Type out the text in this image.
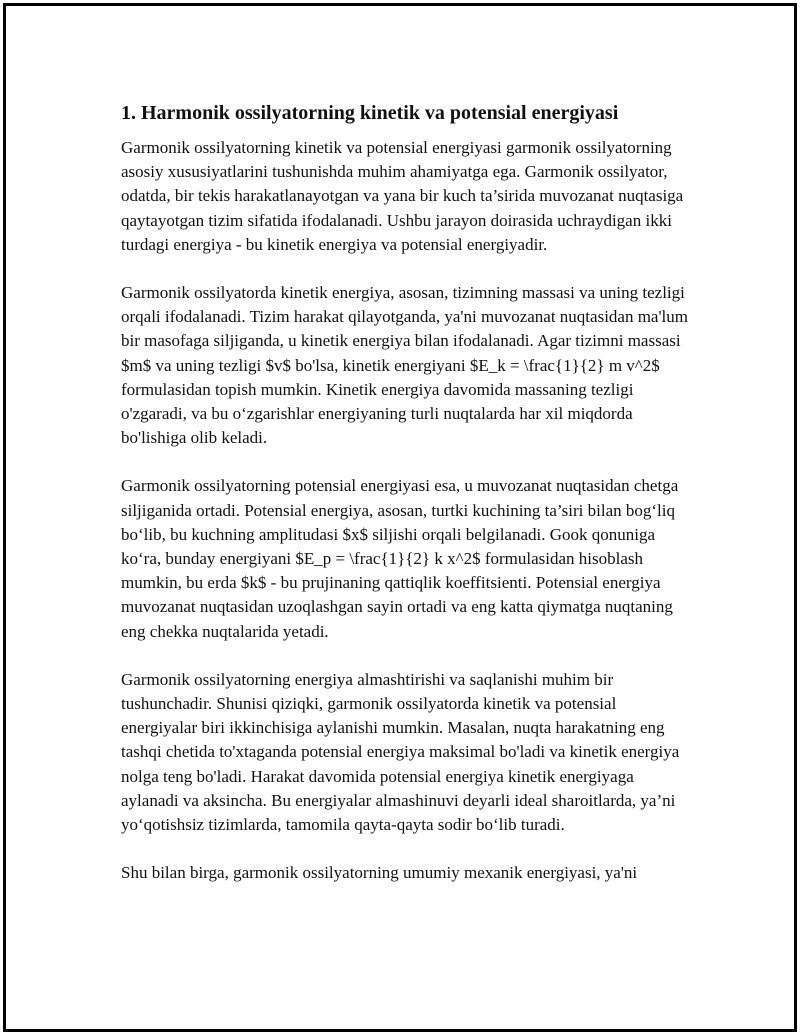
1. Harmonik ossilyatorning kinetik va potensial energiyasi

Garmonik ossilyatorning kinetik va potensial energiyasi garmonik ossilyatorning asosiy xususiyatlarini tushunishda muhim ahamiyatga ega. Garmonik ossilyator, odatda, bir tekis harakatlanayotgan va yana bir kuch ta’sirida muvozanat nuqtasiga qaytayotgan tizim sifatida ifodalanadi. Ushbu jarayon doirasida uchraydigan ikki turdagi energiya - bu kinetik energiya va potensial energiyadir.

Garmonik ossilyatorda kinetik energiya, asosan, tizimning massasi va uning tezligi orqali ifodalanadi. Tizim harakat qilayotganda, ya'ni muvozanat nuqtasidan ma'lum bir masofaga siljiganda, u kinetik energiya bilan ifodalanadi. Agar tizimni massasi $m$ va uning tezligi $v$ bo'lsa, kinetik energiyani $E_k = \frac{1}{2} m v^2$ formulasidan topish mumkin. Kinetik energiya davomida massaning tezligi o'zgaradi, va bu o‘zgarishlar energiyaning turli nuqtalarda har xil miqdorda bo'lishiga olib keladi.

Garmonik ossilyatorning potensial energiyasi esa, u muvozanat nuqtasidan chetga siljiganida ortadi. Potensial energiya, asosan, turtki kuchining ta’siri bilan bog‘liq bo‘lib, bu kuchning amplitudasi $x$ siljishi orqali belgilanadi. Gook qonuniga ko‘ra, bunday energiyani $E_p = \frac{1}{2} k x^2$ formulasidan hisoblash mumkin, bu erda $k$ - bu prujinaning qattiqlik koeffitsienti. Potensial energiya muvozanat nuqtasidan uzoqlashgan sayin ortadi va eng katta qiymatga nuqtaning eng chekka nuqtalarida yetadi.

Garmonik ossilyatorning energiya almashtirishi va saqlanishi muhim bir tushunchadir. Shunisi qiziqki, garmonik ossilyatorda kinetik va potensial energiyalar biri ikkinchisiga aylanishi mumkin. Masalan, nuqta harakatning eng tashqi chetida to'xtaganda potensial energiya maksimal bo'ladi va kinetik energiya nolga teng bo'ladi. Harakat davomida potensial energiya kinetik energiyaga aylanadi va aksincha. Bu energiyalar almashinuvi deyarli ideal sharoitlarda, ya’ni yo‘qotishsiz tizimlarda, tamomila qayta-qayta sodir bo‘lib turadi.

Shu bilan birga, garmonik ossilyatorning umumiy mexanik energiyasi, ya'ni
